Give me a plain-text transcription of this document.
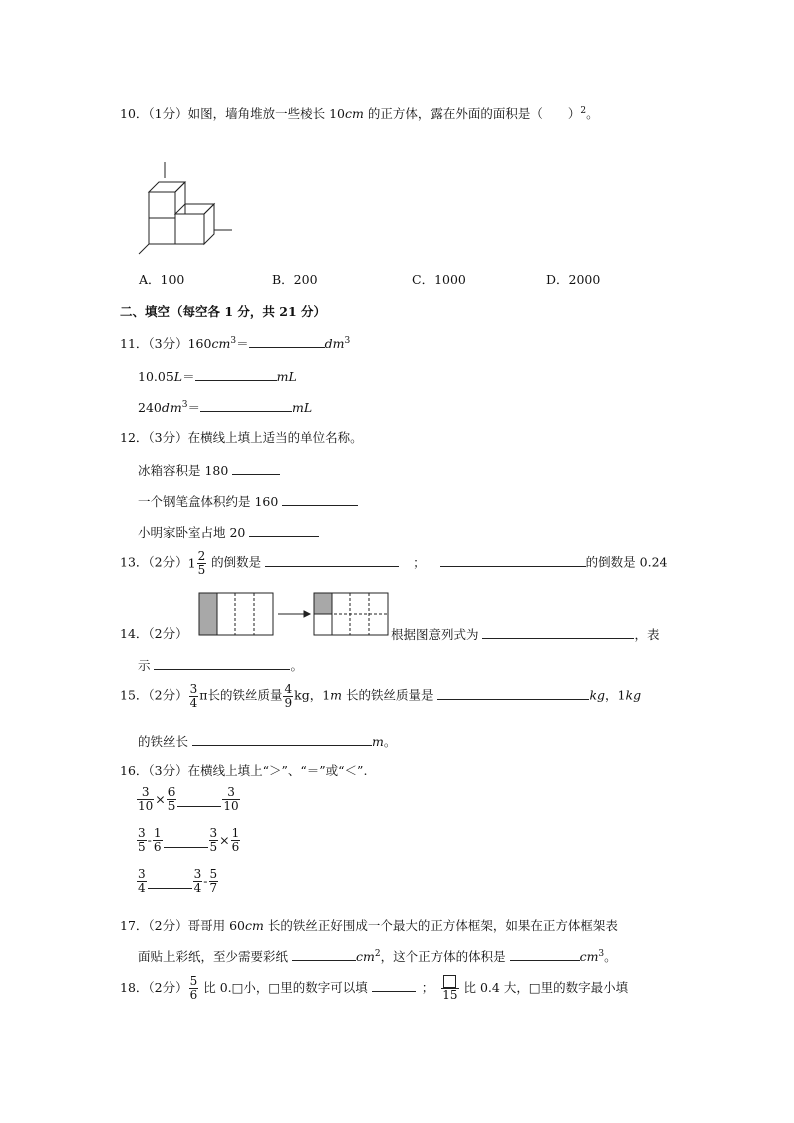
10．（1分）如图，墙角堆放一些棱长 10cm 的正方体，露在外面的面积是（　　）$^2$。
A．100	B．200	C．1000	D．2000
二、填空（每空各 1 分，共 21 分）
11．（3分）$160cm^3=$	$dm^3$
10.05L＝	mL
$240dm^3=$	mL
12．（3分）在横线上填上适当的单位名称。
冰箱容积是 180
一个钢笔盒体积约是 160
小明家卧室占地 20
13．（2分）$1 \frac{2}{5}$ 的倒数是	；	的倒数是 0.24
14．（2分）	根据图意列式为	，表
示	。
15．（2分） $\frac{3}{4}$ π长的铁丝质量 $\frac{4}{9}$ kg，1m 长的铁丝质量是	kg，1kg
的铁丝长	m。
16．（3分）在横线上填上“＞”、“＝”或“＜”.
$\frac{3}{10} \times \frac{6}{5}$	$\frac{3}{10}$
$\frac{3}{5} - \frac{1}{6}$	$\frac{3}{5} \times \frac{1}{6}$
$\frac{3}{4}$	$\frac{3}{4} - \frac{5}{7}$
17．（2分）哥哥用 60cm 长的铁丝正好围成一个最大的正方体框架，如果在正方体框架表
面贴上彩纸，至少需要彩纸	$cm^2$，这个正方体的体积是	$cm^3$。
18．（2分） $\frac{5}{6}$ 比 0.□小，□里的数字可以填	；
15
比 0.4 大，□里的数字最小填
